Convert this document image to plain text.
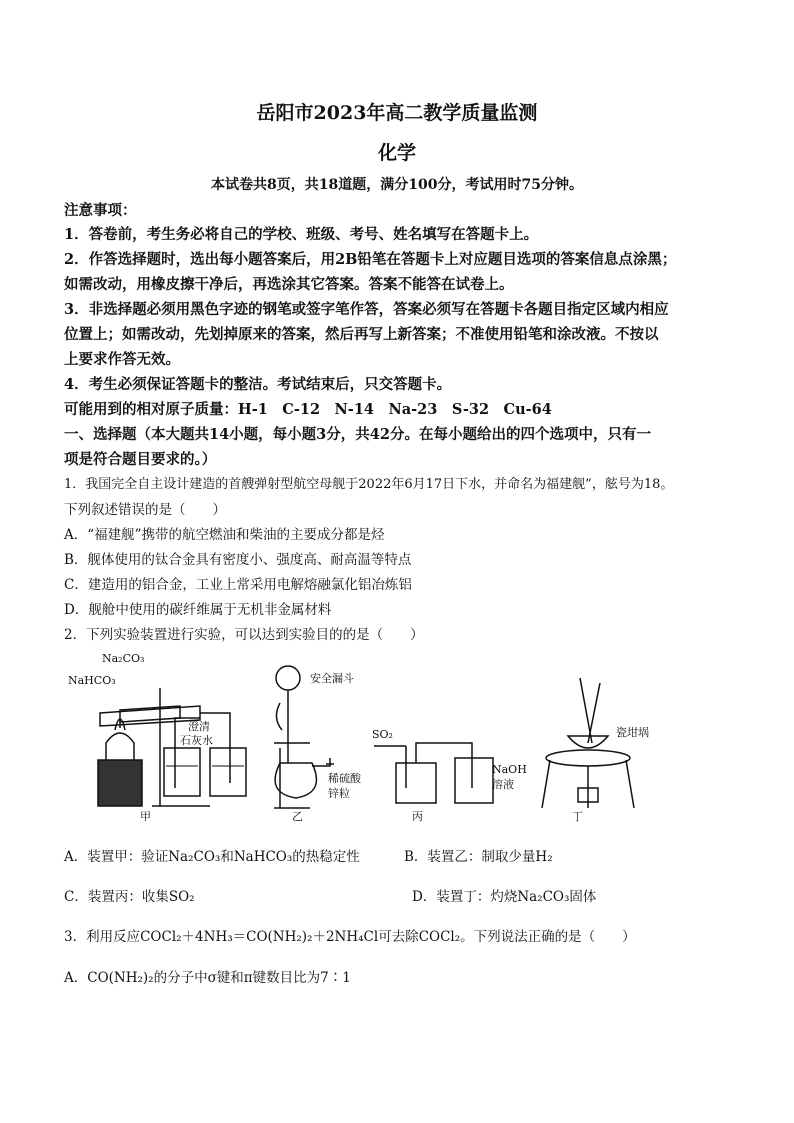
岳阳市2023年高二教学质量监测
化学
本试卷共8页，共18道题，满分100分，考试用时75分钟。
注意事项：
1．答卷前，考生务必将自己的学校、班级、考号、姓名填写在答题卡上。
2．作答选择题时，选出每小题答案后，用2B铅笔在答题卡上对应题目选项的答案信息点涂黑；
如需改动，用橡皮擦干净后，再选涂其它答案。答案不能答在试卷上。
3．非选择题必须用黑色字迹的钢笔或签字笔作答，答案必须写在答题卡各题目指定区域内相应
位置上；如需改动，先划掉原来的答案，然后再写上新答案；不准使用铅笔和涂改液。不按以
上要求作答无效。
4．考生必须保证答题卡的整洁。考试结束后，只交答题卡。
可能用到的相对原子质量：H-1　C-12　N-14　Na-23　S-32　Cu-64
一、选择题（本大题共14小题，每小题3分，共42分。在每小题给出的四个选项中，只有一
项是符合题目要求的。）
1．我国完全自主设计建造的首艘弹射型航空母舰于2022年6月17日下水，并命名为福建舰”，舷号为18。
下列叙述错误的是（　　）
A．“福建舰”携带的航空燃油和柴油的主要成分都是烃
B．舰体使用的钛合金具有密度小、强度高、耐高温等特点
C．建造用的铝合金，工业上常采用电解熔融氯化铝冶炼铝
D．舰舱中使用的碳纤维属于无机非金属材料
2．下列实验装置进行实验，可以达到实验目的的是（　　）
Na₂CO₃
NaHCO₃
澄清
石灰水
甲
安全漏斗
稀硫酸
锌粒
乙
SO₂
NaOH
溶液
丙
瓷坩埚
丁
A．装置甲：验证Na₂CO₃和NaHCO₃的热稳定性	B．装置乙：制取少量H₂
C．装置丙：收集SO₂	D．装置丁：灼烧Na₂CO₃固体
3．利用反应COCl₂＋4NH₃＝CO(NH₂)₂＋2NH₄Cl可去除COCl₂。下列说法正确的是（　　）
A．CO(NH₂)₂的分子中σ键和π键数目比为7∶1
